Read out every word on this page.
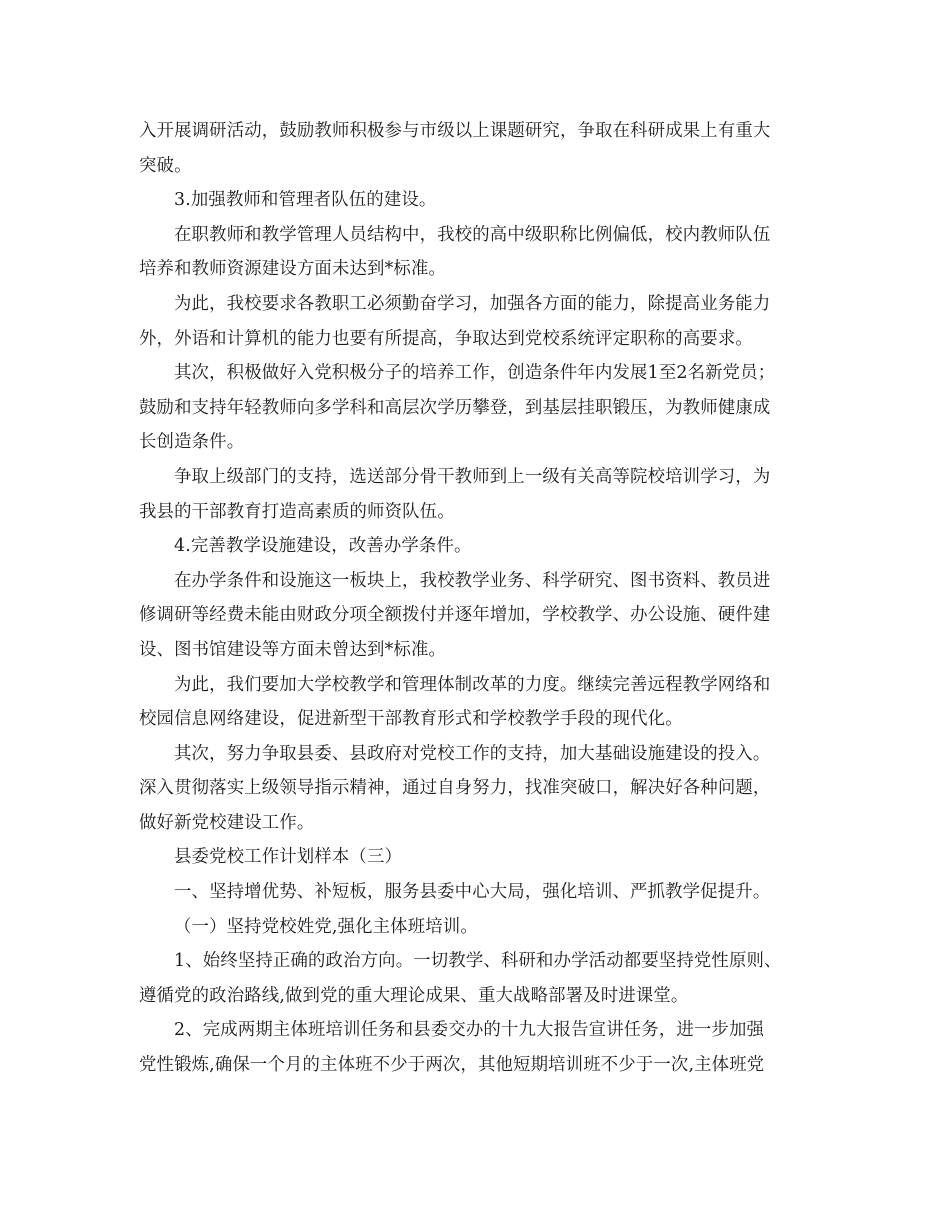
入开展调研活动，鼓励教师积极参与市级以上课题研究，争取在科研成果上有重大
突破。
3.加强教师和管理者队伍的建设。
在职教师和教学管理人员结构中，我校的高中级职称比例偏低，校内教师队伍
培养和教师资源建设方面未达到*标准。
为此，我校要求各教职工必须勤奋学习，加强各方面的能力，除提高业务能力
外，外语和计算机的能力也要有所提高，争取达到党校系统评定职称的高要求。
其次，积极做好入党积极分子的培养工作，创造条件年内发展1至2名新党员；
鼓励和支持年轻教师向多学科和高层次学历攀登，到基层挂职锻压，为教师健康成
长创造条件。
争取上级部门的支持，选送部分骨干教师到上一级有关高等院校培训学习，为
我县的干部教育打造高素质的师资队伍。
4.完善教学设施建设，改善办学条件。
在办学条件和设施这一板块上，我校教学业务、科学研究、图书资料、教员进
修调研等经费未能由财政分项全额拨付并逐年增加，学校教学、办公设施、硬件建
设、图书馆建设等方面未曾达到*标准。
为此，我们要加大学校教学和管理体制改革的力度。继续完善远程教学网络和
校园信息网络建设，促进新型干部教育形式和学校教学手段的现代化。
其次，努力争取县委、县政府对党校工作的支持，加大基础设施建设的投入。
深入贯彻落实上级领导指示精神，通过自身努力，找准突破口，解决好各种问题，
做好新党校建设工作。
县委党校工作计划样本（三）
一、坚持增优势、补短板，服务县委中心大局，强化培训、严抓教学促提升。
（一）坚持党校姓党,强化主体班培训。
1、始终坚持正确的政治方向。一切教学、科研和办学活动都要坚持党性原则、
遵循党的政治路线,做到党的重大理论成果、重大战略部署及时进课堂。
2、完成两期主体班培训任务和县委交办的十九大报告宣讲任务，进一步加强
党性锻炼,确保一个月的主体班不少于两次，其他短期培训班不少于一次,主体班党
